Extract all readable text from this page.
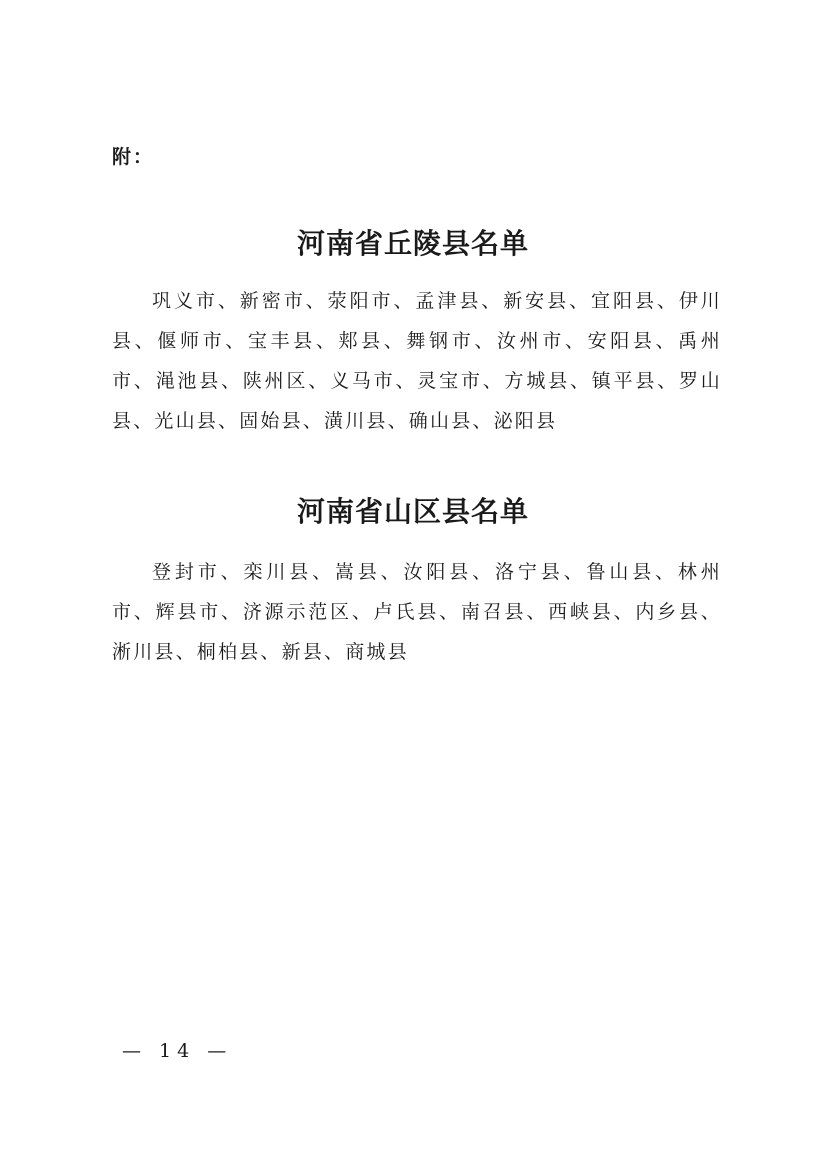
附：

河南省丘陵县名单

巩义市、新密市、荥阳市、孟津县、新安县、宜阳县、伊川县、偃师市、宝丰县、郏县、舞钢市、汝州市、安阳县、禹州市、渑池县、陕州区、义马市、灵宝市、方城县、镇平县、罗山县、光山县、固始县、潢川县、确山县、泌阳县

河南省山区县名单

登封市、栾川县、嵩县、汝阳县、洛宁县、鲁山县、林州市、辉县市、济源示范区、卢氏县、南召县、西峡县、内乡县、淅川县、桐柏县、新县、商城县

— 14 —
